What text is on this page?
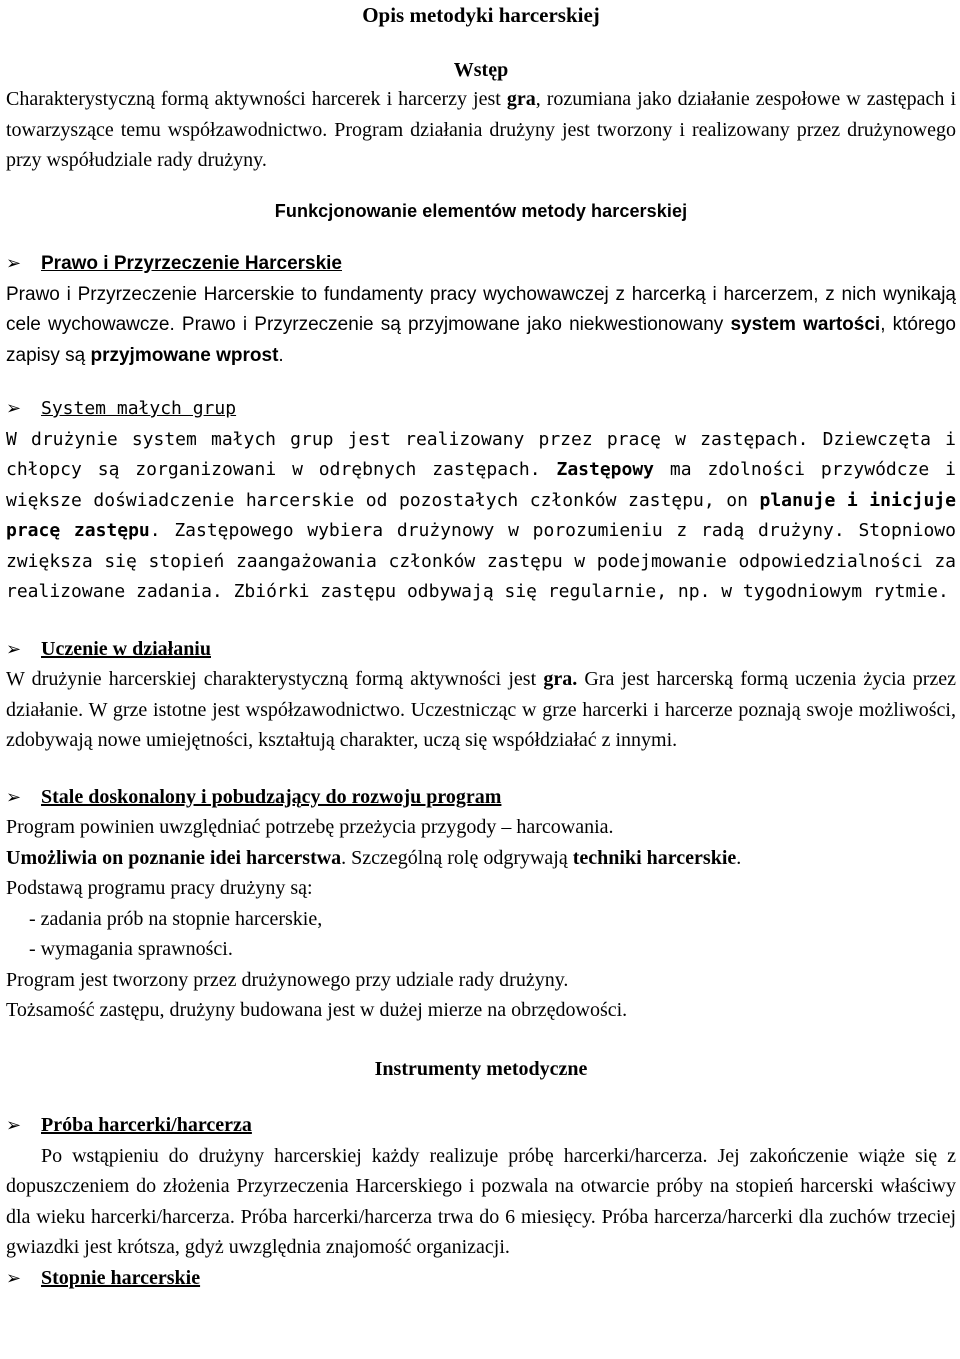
Opis metodyki harcerskiej
Wstęp

Charakterystyczną formą aktywności harcerek i harcerzy jest gra, rozumiana jako działanie zespołowe w zastępach i towarzyszące temu współzawodnictwo. Program działania drużyny jest tworzony i realizowany przez drużynowego przy współudziale rady drużyny.

Funkcjonowanie elementów metody harcerskiej
➢	Prawo i Przyrzeczenie Harcerskie

Prawo i Przyrzeczenie Harcerskie to fundamenty pracy wychowawczej z harcerką i harcerzem, z nich wynikają cele wychowawcze. Prawo i Przyrzeczenie są przyjmowane jako niekwestionowany system wartości, którego zapisy są przyjmowane wprost.

➢	System małych grup

W drużynie system małych grup jest realizowany przez pracę w zastępach. Dziewczęta i chłopcy są zorganizowani w odrębnych zastępach. Zastępowy ma zdolności przywódcze i większe doświadczenie harcerskie od pozostałych członków zastępu, on planuje i inicjuje pracę zastępu. Zastępowego wybiera drużynowy w porozumieniu z radą drużyny. Stopniowo zwiększa się stopień zaangażowania członków zastępu w podejmowanie odpowiedzialności za realizowane zadania. Zbiórki zastępu odbywają się regularnie, np. w tygodniowym rytmie.

➢ Uczenie w działaniu

W drużynie harcerskiej charakterystyczną formą aktywności jest gra. Gra jest harcerską formą uczenia życia przez działanie. W grze istotne jest współzawodnictwo. Uczestnicząc w grze harcerki i harcerze poznają swoje możliwości, zdobywają nowe umiejętności, kształtują charakter, uczą się współdziałać z innymi.

➢ Stale doskonalony i pobudzający do rozwoju program

Program powinien uwzględniać potrzebę przeżycia przygody – harcowania.

Umożliwia on poznanie idei harcerstwa. Szczególną rolę odgrywają techniki harcerskie.

Podstawą programu pracy drużyny są:

- zadania prób na stopnie harcerskie,

- wymagania sprawności.

Program jest tworzony przez drużynowego przy udziale rady drużyny.

Tożsamość zastępu, drużyny budowana jest w dużej mierze na obrzędowości.

Instrumenty metodyczne
➢ Próba harcerki/harcerza

Po wstąpieniu do drużyny harcerskiej każdy realizuje próbę harcerki/harcerza. Jej zakończenie wiąże się z dopuszczeniem do złożenia Przyrzeczenia Harcerskiego i pozwala na otwarcie próby na stopień harcerski właściwy dla wieku harcerki/harcerza. Próba harcerki/harcerza trwa do 6 miesięcy. Próba harcerza/harcerki dla zuchów trzeciej gwiazdki jest krótsza, gdyż uwzględnia znajomość organizacji.

➢ Stopnie harcerskie
